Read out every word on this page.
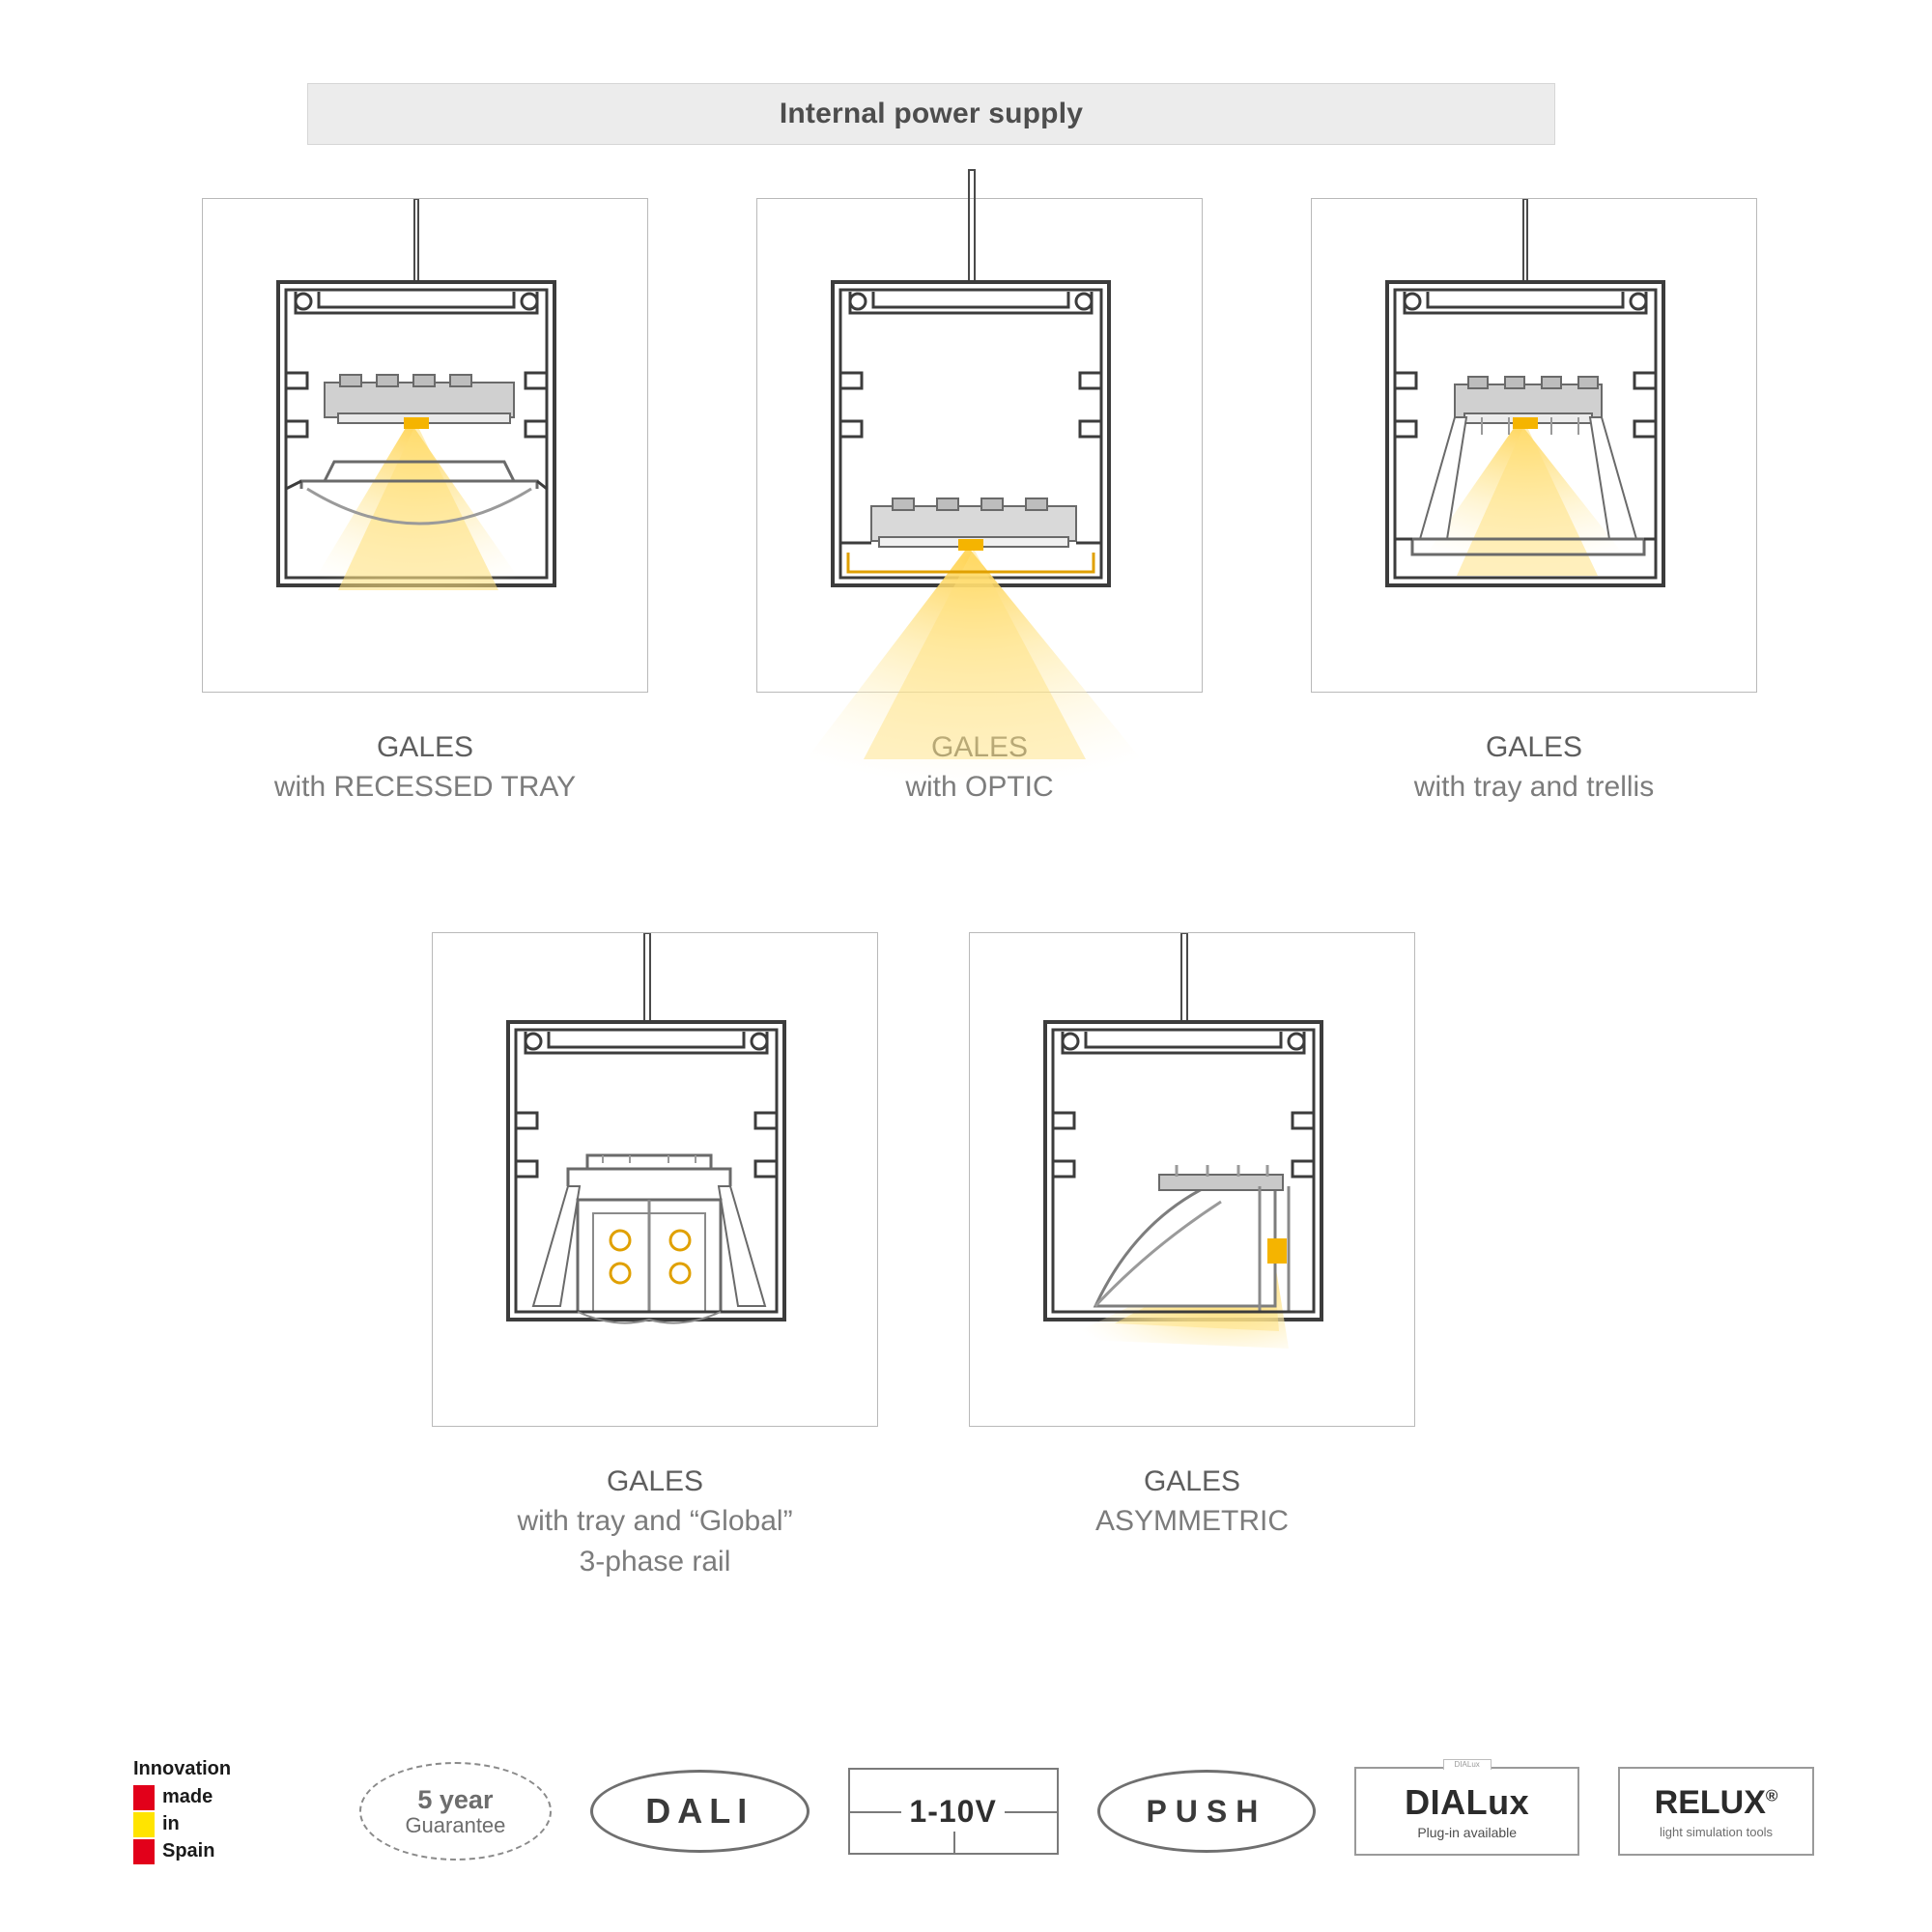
Internal power supply
GALES
with RECESSED TRAY
GALES
with tray and trellis
GALES
with tray and “Global”
3-phase rail
GALES
ASYMMETRIC
Innovation
made
in
Spain
5 year
Guarantee	DALI	1-10V	PUSH
DIALux
DIALux
Plug-in available
RELUX®
light simulation tools
